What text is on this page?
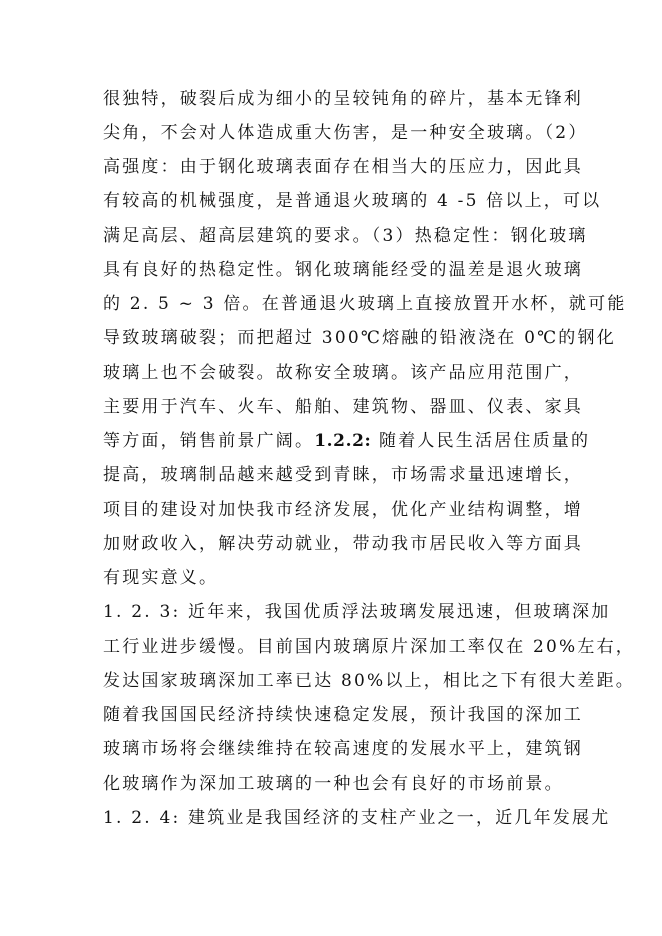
很独特，破裂后成为细小的呈较钝角的碎片，基本无锋利
尖角，不会对人体造成重大伤害，是一种安全玻璃。（2）
高强度：由于钢化玻璃表面存在相当大的压应力，因此具
有较高的机械强度，是普通退火玻璃的 4 -5 倍以上，可以
满足高层、超高层建筑的要求。（3）热稳定性：钢化玻璃
具有良好的热稳定性。钢化玻璃能经受的温差是退火玻璃
的 2. 5 ~ 3 倍。在普通退火玻璃上直接放置开水杯，就可能
导致玻璃破裂；而把超过 300℃熔融的铅液浇在 0℃的钢化
玻璃上也不会破裂。故称安全玻璃。该产品应用范围广，
主要用于汽车、火车、船舶、建筑物、器皿、仪表、家具
等方面，销售前景广阔。1.2.2: 随着人民生活居住质量的
提高，玻璃制品越来越受到青睐，市场需求量迅速增长，
项目的建设对加快我市经济发展，优化产业结构调整，增
加财政收入，解决劳动就业，带动我市居民收入等方面具
有现实意义。
1. 2. 3: 近年来，我国优质浮法玻璃发展迅速，但玻璃深加
工行业进步缓慢。目前国内玻璃原片深加工率仅在 20%左右，
发达国家玻璃深加工率已达 80%以上，相比之下有很大差距。
随着我国国民经济持续快速稳定发展，预计我国的深加工
玻璃市场将会继续维持在较高速度的发展水平上，建筑钢
化玻璃作为深加工玻璃的一种也会有良好的市场前景。
1. 2. 4: 建筑业是我国经济的支柱产业之一，近几年发展尤
